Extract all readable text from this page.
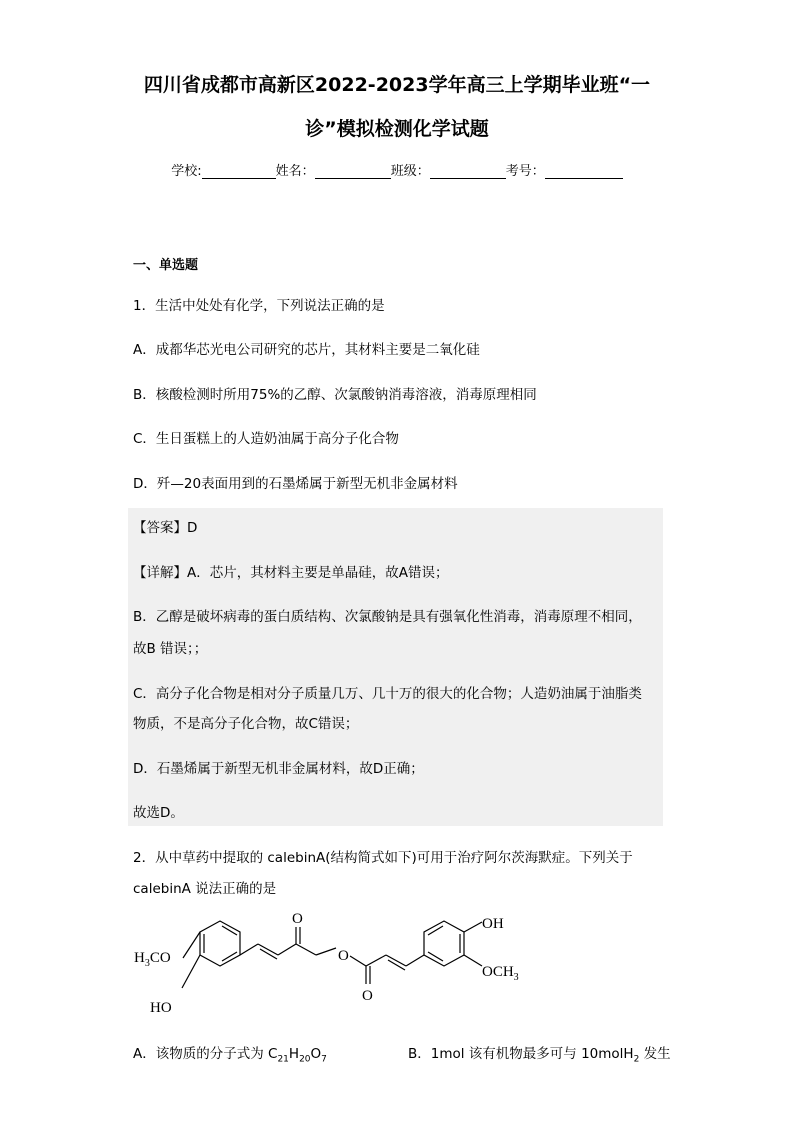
四川省成都市高新区2022-2023学年高三上学期毕业班“一
诊”模拟检测化学试题
学校:	姓名：	班级：	考号：
一、单选题
1．生活中处处有化学，下列说法正确的是
A．成都华芯光电公司研究的芯片，其材料主要是二氧化硅
B．核酸检测时所用75%的乙醇、次氯酸钠消毒溶液，消毒原理相同
C．生日蛋糕上的人造奶油属于高分子化合物
D．歼—20表面用到的石墨烯属于新型无机非金属材料
【答案】D
【详解】A．芯片，其材料主要是单晶硅，故A错误；
B．乙醇是破坏病毒的蛋白质结构、次氯酸钠是具有强氧化性消毒，消毒原理不相同，
故B 错误；；
C．高分子化合物是相对分子质量几万、几十万的很大的化合物；人造奶油属于油脂类
物质，不是高分子化合物，故C错误；
D．石墨烯属于新型无机非金属材料，故D正确；
故选D。
2．从中草药中提取的 calebinA(结构简式如下)可用于治疗阿尔茨海默症。下列关于
calebinA 说法正确的是
$H_3CO$
HO
O
O
O
OH
$OCH_3$
A．该物质的分子式为 $C_{21}H_{20}O_7$	B．1mol 该有机物最多可与 10molH$_2$ 发生
